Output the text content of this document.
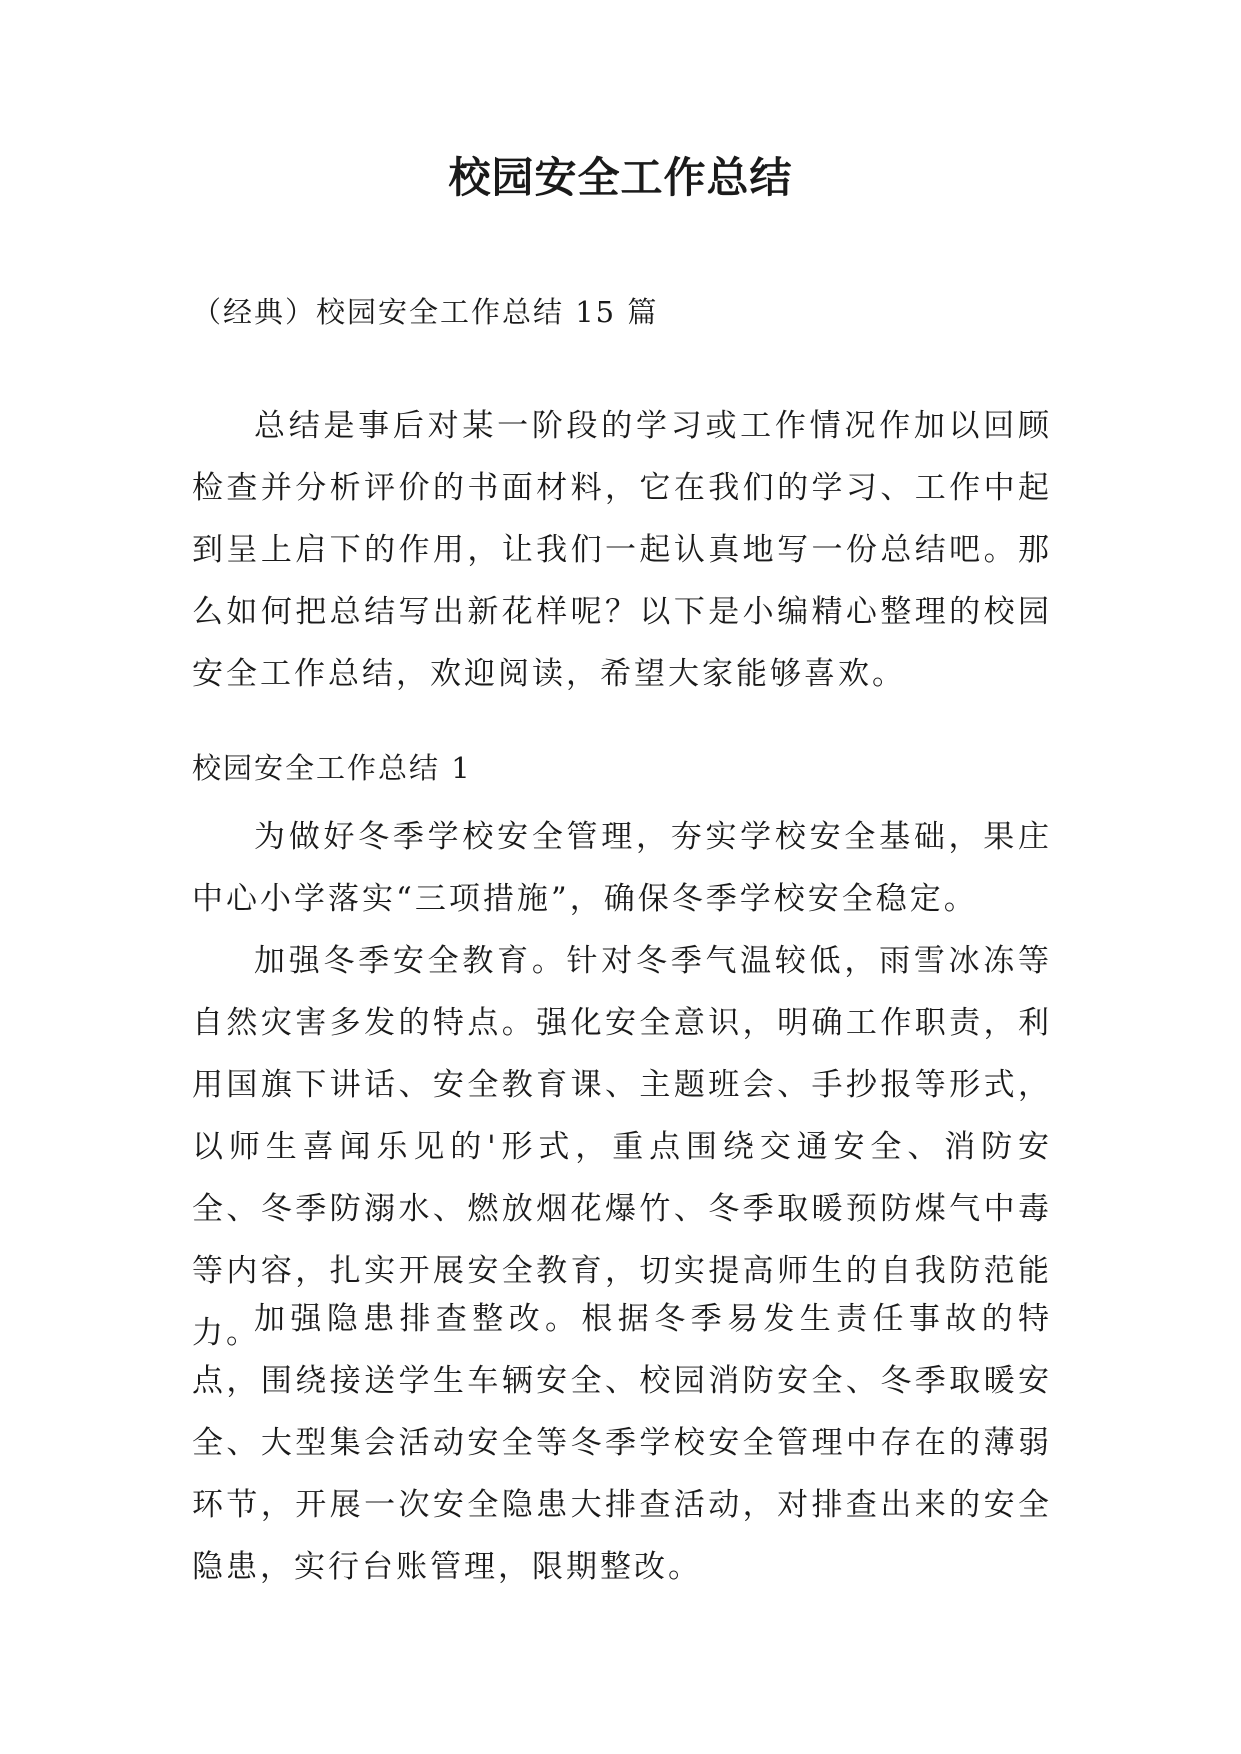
校园安全工作总结
（经典）校园安全工作总结 15 篇
总结是事后对某一阶段的学习或工作情况作加以回顾检查并分析评价的书面材料，它在我们的学习、工作中起到呈上启下的作用，让我们一起认真地写一份总结吧。那么如何把总结写出新花样呢？以下是小编精心整理的校园安全工作总结，欢迎阅读，希望大家能够喜欢。
校园安全工作总结 1
为做好冬季学校安全管理，夯实学校安全基础，果庄中心小学落实“三项措施”，确保冬季学校安全稳定。
加强冬季安全教育。针对冬季气温较低，雨雪冰冻等自然灾害多发的特点。强化安全意识，明确工作职责，利用国旗下讲话、安全教育课、主题班会、手抄报等形式，以师生喜闻乐见的'形式，重点围绕交通安全、消防安全、冬季防溺水、燃放烟花爆竹、冬季取暖预防煤气中毒等内容，扎实开展安全教育，切实提高师生的自我防范能力。
加强隐患排查整改。根据冬季易发生责任事故的特点，围绕接送学生车辆安全、校园消防安全、冬季取暖安全、大型集会活动安全等冬季学校安全管理中存在的薄弱环节，开展一次安全隐患大排查活动，对排查出来的安全隐患，实行台账管理，限期整改。
